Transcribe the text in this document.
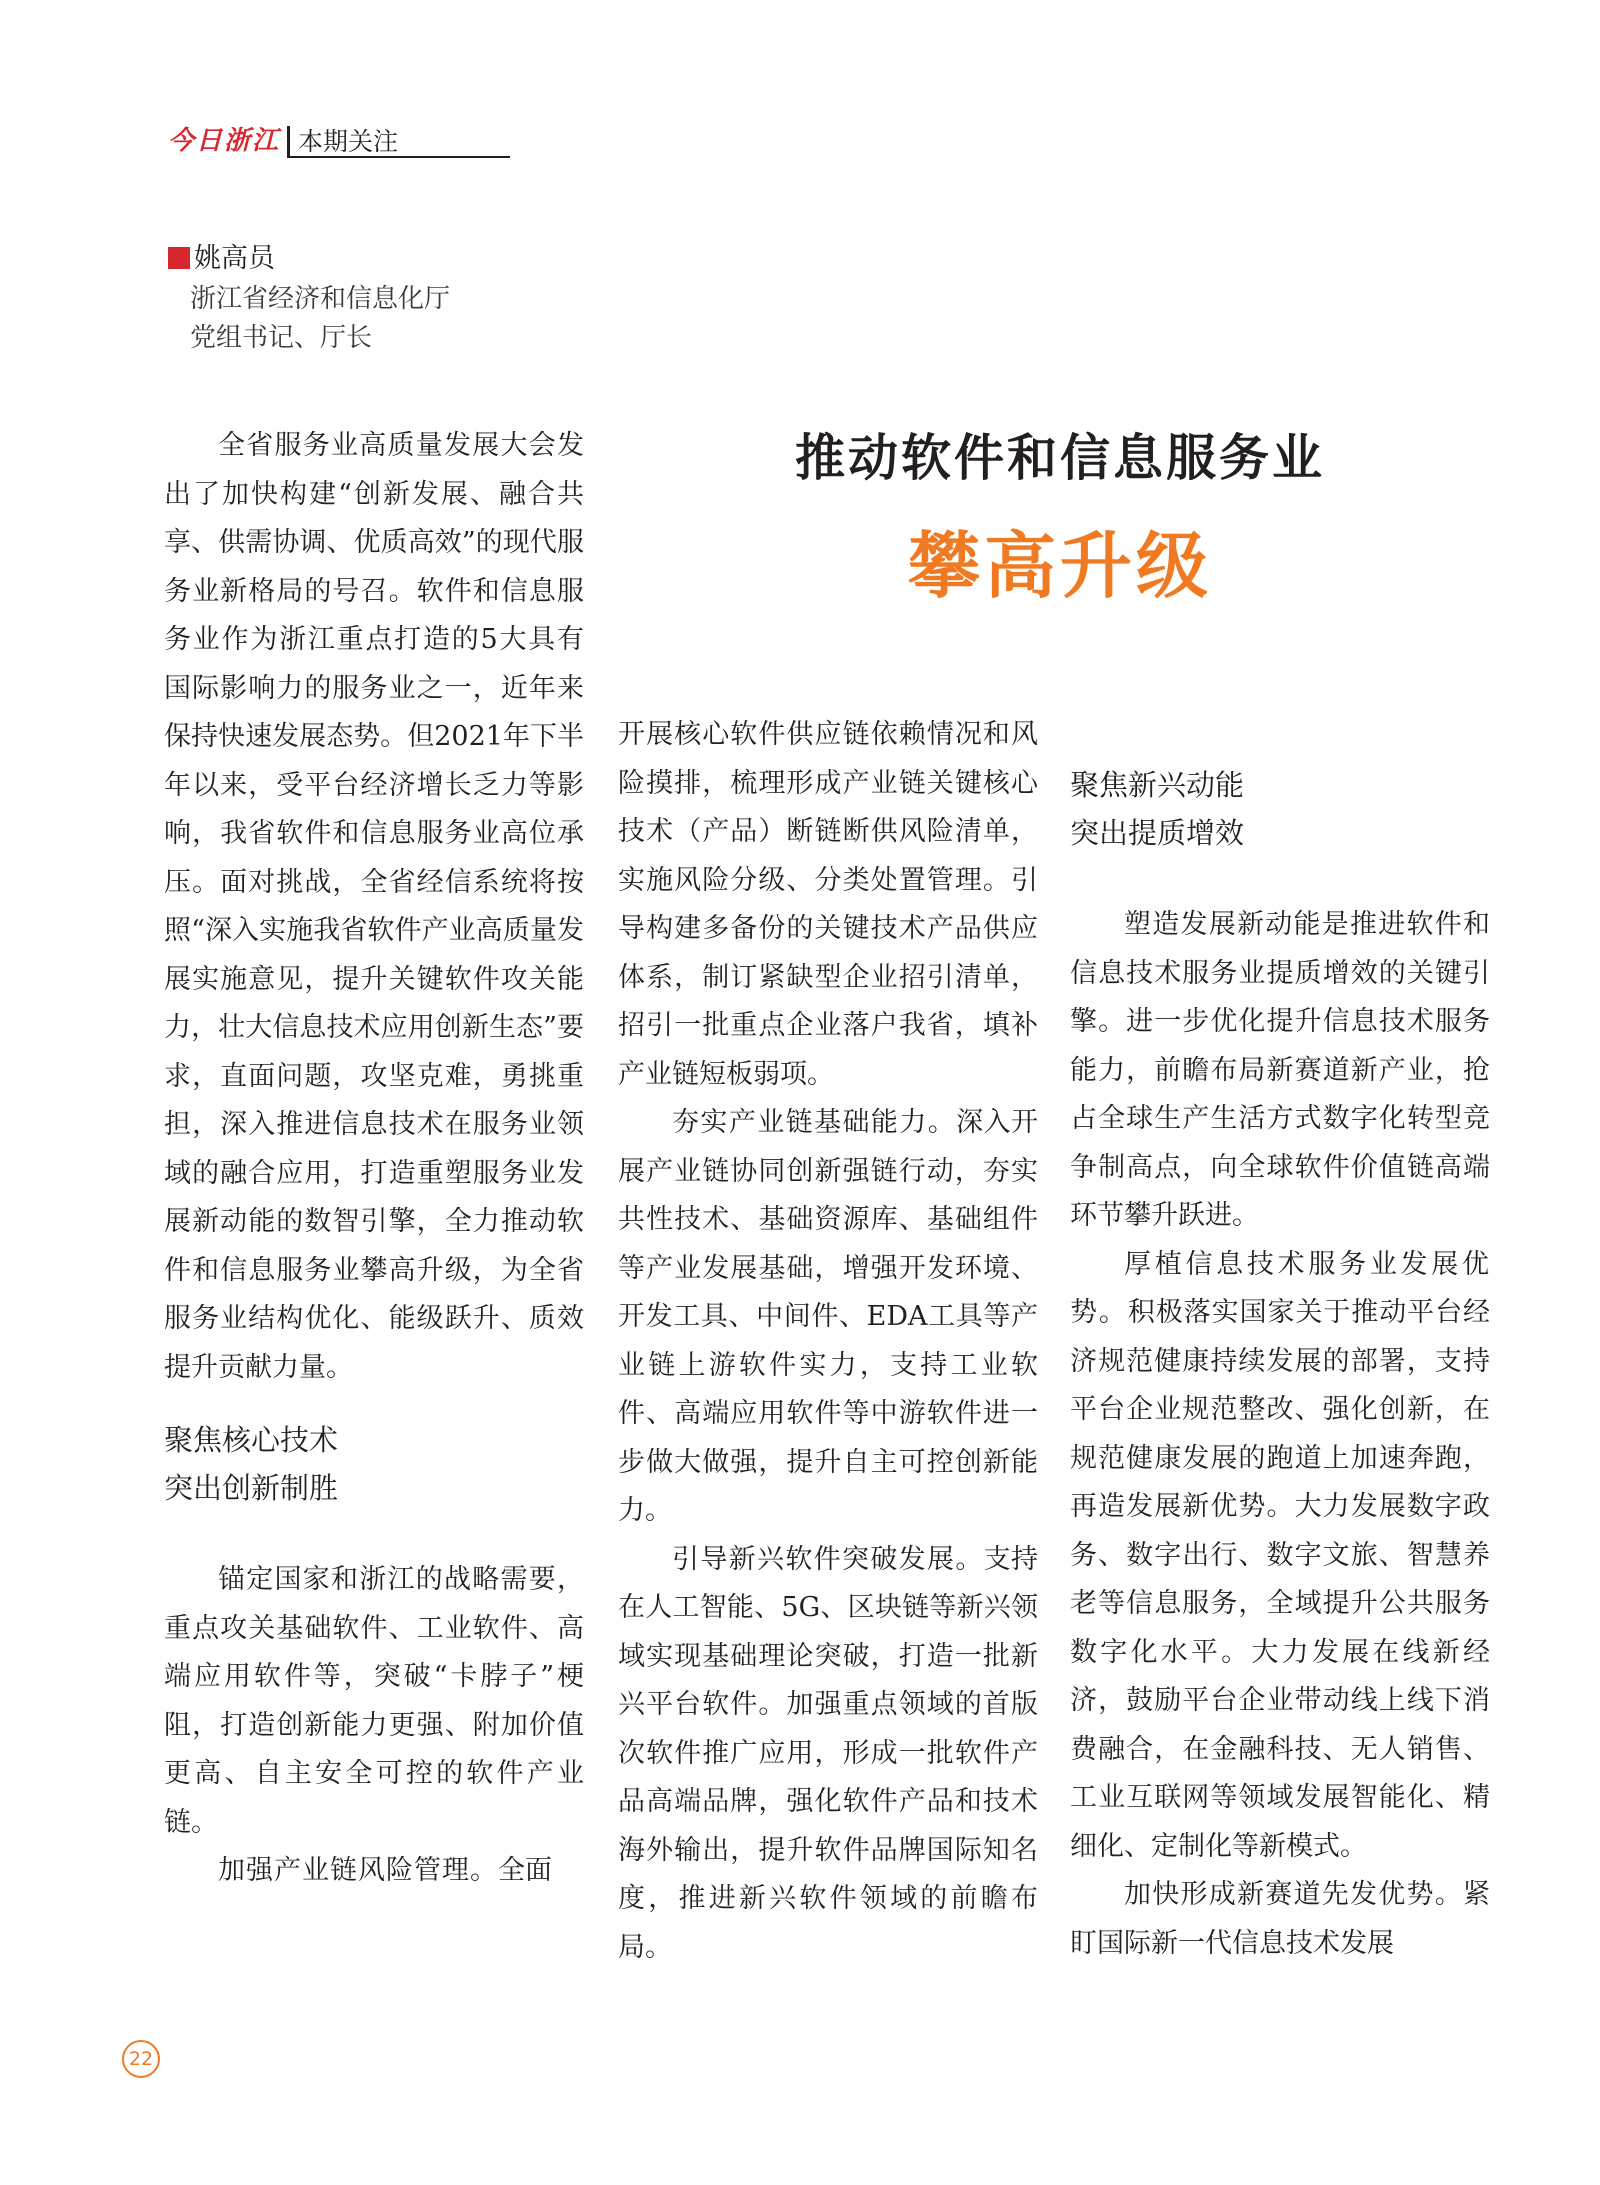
今日浙江 本期关注
姚高员
浙江省经济和信息化厅
党组书记、厅长
推动软件和信息服务业
攀高升级

全省服务业高质量发展大会发出了加快构建“创新发展、融合共享、供需协调、优质高效”的现代服务业新格局的号召。软件和信息服务业作为浙江重点打造的5大具有国际影响力的服务业之一，近年来保持快速发展态势。但2021年下半年以来，受平台经济增长乏力等影响，我省软件和信息服务业高位承压。面对挑战，全省经信系统将按照“深入实施我省软件产业高质量发展实施意见，提升关键软件攻关能力，壮大信息技术应用创新生态”要求，直面问题，攻坚克难，勇挑重担，深入推进信息技术在服务业领域的融合应用，打造重塑服务业发展新动能的数智引擎，全力推动软件和信息服务业攀高升级，为全省服务业结构优化、能级跃升、质效提升贡献力量。

聚焦核心技术
突出创新制胜

锚定国家和浙江的战略需要，重点攻关基础软件、工业软件、高端应用软件等，突破“卡脖子”梗阻，打造创新能力更强、附加价值更高、自主安全可控的软件产业链。

加强产业链风险管理。全面

开展核心软件供应链依赖情况和风险摸排，梳理形成产业链关键核心技术（产品）断链断供风险清单，实施风险分级、分类处置管理。引导构建多备份的关键技术产品供应体系，制订紧缺型企业招引清单，招引一批重点企业落户我省，填补产业链短板弱项。

夯实产业链基础能力。深入开展产业链协同创新强链行动，夯实共性技术、基础资源库、基础组件等产业发展基础，增强开发环境、开发工具、中间件、EDA工具等产业链上游软件实力，支持工业软件、高端应用软件等中游软件进一步做大做强，提升自主可控创新能力。

引导新兴软件突破发展。支持在人工智能、5G、区块链等新兴领域实现基础理论突破，打造一批新兴平台软件。加强重点领域的首版次软件推广应用，形成一批软件产品高端品牌，强化软件产品和技术海外输出，提升软件品牌国际知名度，推进新兴软件领域的前瞻布局。

聚焦新兴动能
突出提质增效

塑造发展新动能是推进软件和信息技术服务业提质增效的关键引擎。进一步优化提升信息技术服务能力，前瞻布局新赛道新产业，抢占全球生产生活方式数字化转型竞争制高点，向全球软件价值链高端环节攀升跃进。

厚植信息技术服务业发展优势。积极落实国家关于推动平台经济规范健康持续发展的部署，支持平台企业规范整改、强化创新，在规范健康发展的跑道上加速奔跑，再造发展新优势。大力发展数字政务、数字出行、数字文旅、智慧养老等信息服务，全域提升公共服务数字化水平。大力发展在线新经济，鼓励平台企业带动线上线下消费融合，在金融科技、无人销售、工业互联网等领域发展智能化、精细化、定制化等新模式。

加快形成新赛道先发优势。紧盯国际新一代信息技术发展

22
